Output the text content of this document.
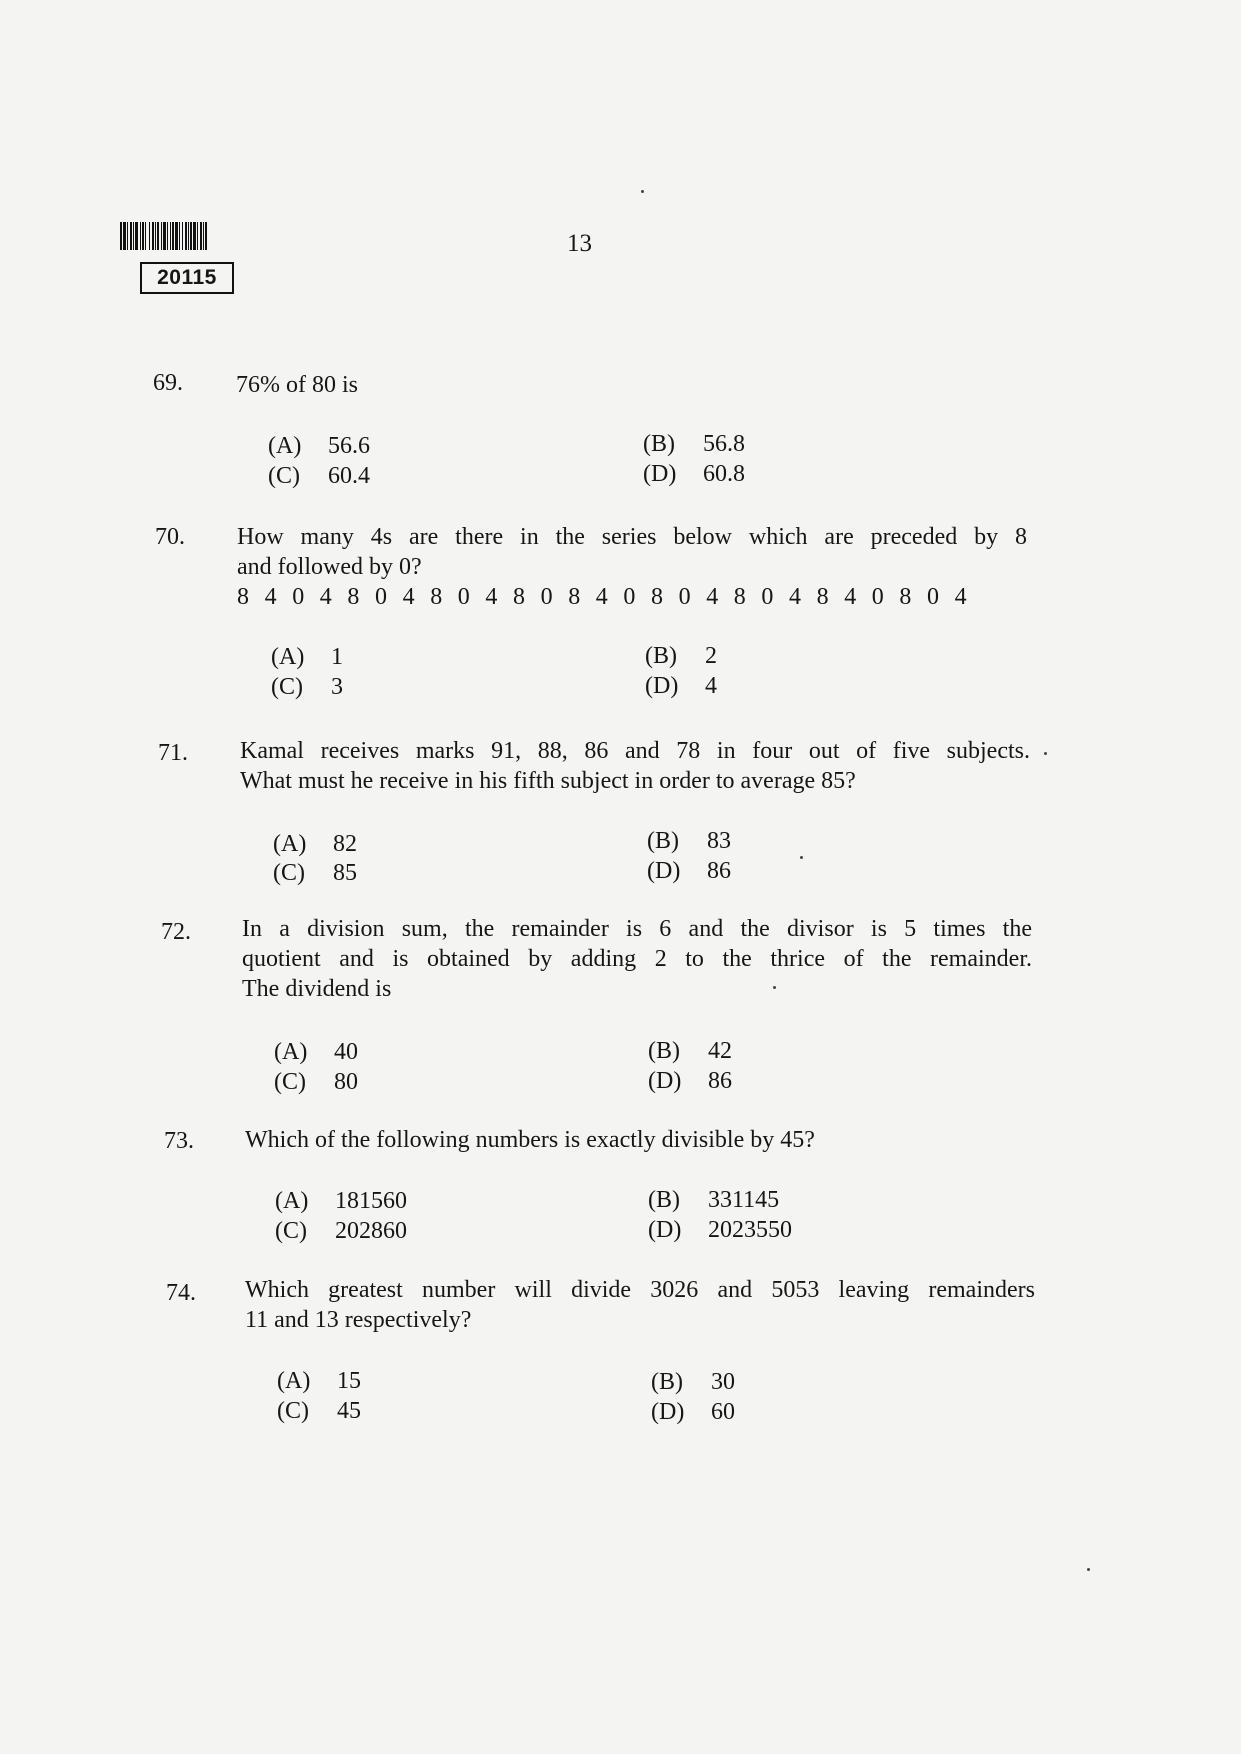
20115
13
69. 76% of 80 is

(A) 56.6	(B) 56.8
(C) 60.4	(D) 60.8
70. How many 4s are there in the series below which are preceded by 8

and followed by 0?

8 4 0 4 8 0 4 8 0 4 8 0 8 4 0 8 0 4 8 0 4 8 4 0 8 0 4

(A) 1	(B) 2
(C) 3	(D) 4
71. Kamal receives marks 91, 88, 86 and 78 in four out of five subjects.

What must he receive in his fifth subject in order to average 85?

(A) 82	(B) 83
(C) 85	(D) 86
72. In a division sum, the remainder is 6 and the divisor is 5 times the

quotient and is obtained by adding 2 to the thrice of the remainder.

The dividend is

(A) 40	(B) 42
(C) 80	(D) 86
73. Which of the following numbers is exactly divisible by 45?

(A) 181560	(B) 331145
(C) 202860	(D) 2023550
74. Which greatest number will divide 3026 and 5053 leaving remainders

11 and 13 respectively?

(A) 15	(B) 30
(C) 45	(D) 60
